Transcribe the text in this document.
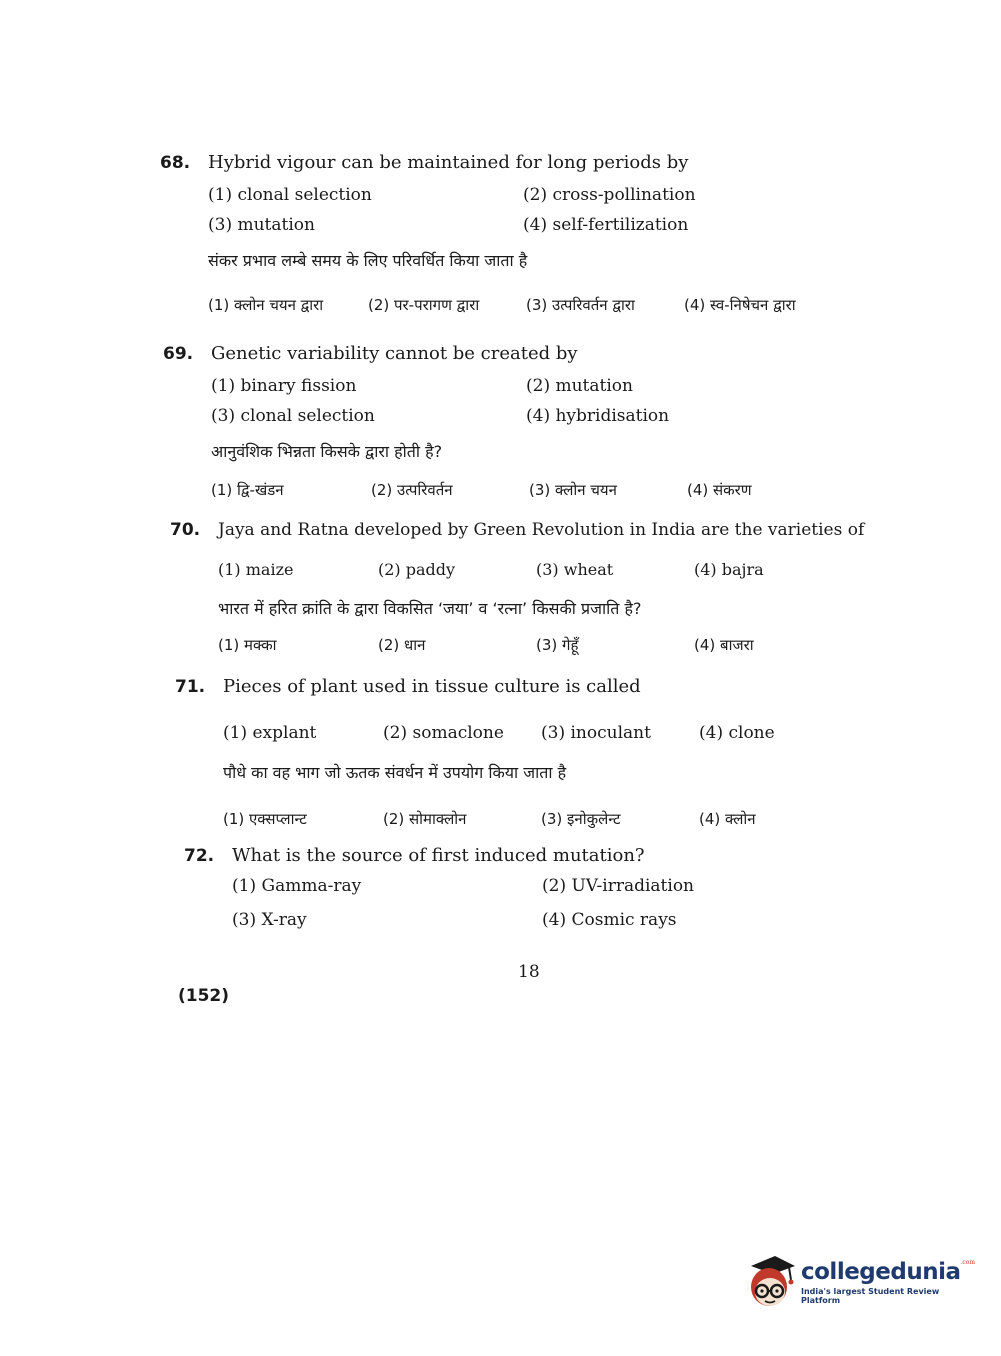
68. Hybrid vigour can be maintained for long periods by
(1) clonal selection	(2) cross-pollination
(3) mutation	(4) self-fertilization
संकर प्रभाव लम्बे समय के लिए परिवर्धित किया जाता है
(1) क्लोन चयन द्वारा	(2) पर-परागण द्वारा	(3) उत्परिवर्तन द्वारा	(4) स्व-निषेचन द्वारा
69. Genetic variability cannot be created by
(1) binary fission	(2) mutation
(3) clonal selection	(4) hybridisation
आनुवंशिक भिन्नता किसके द्वारा होती है?
(1) द्वि-खंडन	(2) उत्परिवर्तन	(3) क्लोन चयन	(4) संकरण
70.	Jaya and Ratna developed by Green Revolution in India are the varieties of
(1) maize	(2) paddy	(3) wheat	(4) bajra
भारत में हरित क्रांति के द्वारा विकसित ‘जया’ व ‘रत्ना’ किसकी प्रजाति है?
(1) मक्का	(2) धान	(3) गेहूँ	(4) बाजरा
71. Pieces of plant used in tissue culture is called
(1) explant	(2) somaclone	(3) inoculant	(4) clone
पौधे का वह भाग जो ऊतक संवर्धन में उपयोग किया जाता है
(1) एक्सप्लान्ट	(2) सोमाक्लोन	(3) इनोकुलेन्ट	(4) क्लोन
72. What is the source of first induced mutation?
(1) Gamma-ray	(2) UV-irradiation
(3) X-ray	(4) Cosmic rays
18
(152)
collegedunia$^{.com}$
India's largest Student Review Platform
